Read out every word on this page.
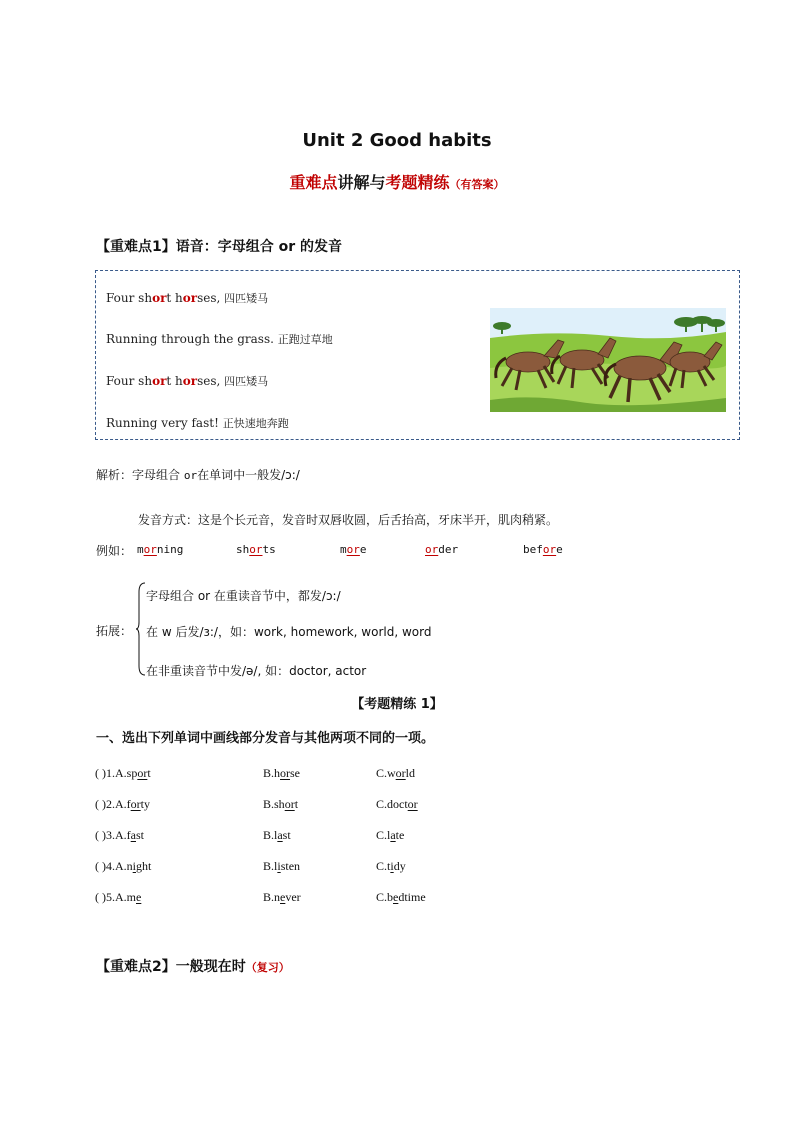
Unit 2 Good habits
重难点讲解与考题精练（有答案）
【重难点1】语音：字母组合 or 的发音
Four short horses, 四匹矮马
Running through the grass. 正跑过草地
Four short horses, 四匹矮马
Running very fast! 正快速地奔跑
解析：字母组合 or在单词中一般发/ɔ:/
发音方式：这是个长元音，发音时双唇收圆，后舌抬高，牙床半开，肌肉稍紧。
例如： morning	shorts	more	order	before
拓展：
字母组合 or 在重读音节中，都发/ɔ:/
在 w 后发/ɜ:/，如：work, homework, world, word
在非重读音节中发/ə/, 如：doctor, actor
【考题精练 1】
一、选出下列单词中画线部分发音与其他两项不同的一项。
( )1.A.sport	B.horse	C.world
( )2.A.forty	B.short	C.doctor
( )3.A.fast	B.last	C.late
( )4.A.night	B.listen	C.tidy
( )5.A.me	B.never	C.bedtime
【重难点2】一般现在时（复习）
